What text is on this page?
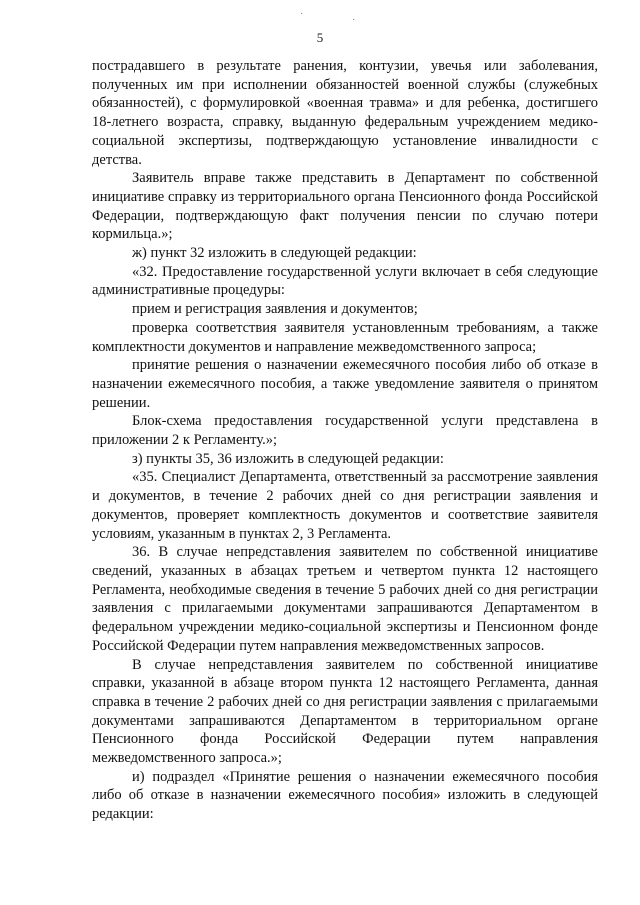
·
·
5

пострадавшего в результате ранения, контузии, увечья или заболевания, полученных им при исполнении обязанностей военной службы (служебных обязанностей), с формулировкой «военная травма» и для ребенка, достигшего 18-летнего возраста, справку, выданную федеральным учреждением медико-социальной экспертизы, подтверждающую установление инвалидности с детства.

Заявитель вправе также представить в Департамент по собственной инициативе справку из территориального органа Пенсионного фонда Российской Федерации, подтверждающую факт получения пенсии по случаю потери кормильца.»;

ж) пункт 32 изложить в следующей редакции:

«32. Предоставление государственной услуги включает в себя следующие административные процедуры:

прием и регистрация заявления и документов;

проверка соответствия заявителя установленным требованиям, а также комплектности документов и направление межведомственного запроса;

принятие решения о назначении ежемесячного пособия либо об отказе в назначении ежемесячного пособия, а также уведомление заявителя о принятом решении.

Блок-схема предоставления государственной услуги представлена в приложении 2 к Регламенту.»;

з) пункты 35, 36 изложить в следующей редакции:

«35. Специалист Департамента, ответственный за рассмотрение заявления и документов, в течение 2 рабочих дней со дня регистрации заявления и документов, проверяет комплектность документов и соответствие заявителя условиям, указанным в пунктах 2, 3 Регламента.

36. В случае непредставления заявителем по собственной инициативе сведений, указанных в абзацах третьем и четвертом пункта 12 настоящего Регламента, необходимые сведения в течение 5 рабочих дней со дня регистрации заявления с прилагаемыми документами запрашиваются Департаментом в федеральном учреждении медико-социальной экспертизы и Пенсионном фонде Российской Федерации путем направления межведомственных запросов.

В случае непредставления заявителем по собственной инициативе справки, указанной в абзаце втором пункта 12 настоящего Регламента, данная справка в течение 2 рабочих дней со дня регистрации заявления с прилагаемыми документами запрашиваются Департаментом в территориальном органе Пенсионного фонда Российской Федерации путем направления межведомственного запроса.»;

и) подраздел «Принятие решения о назначении ежемесячного пособия либо об отказе в назначении ежемесячного пособия» изложить в следующей редакции:
